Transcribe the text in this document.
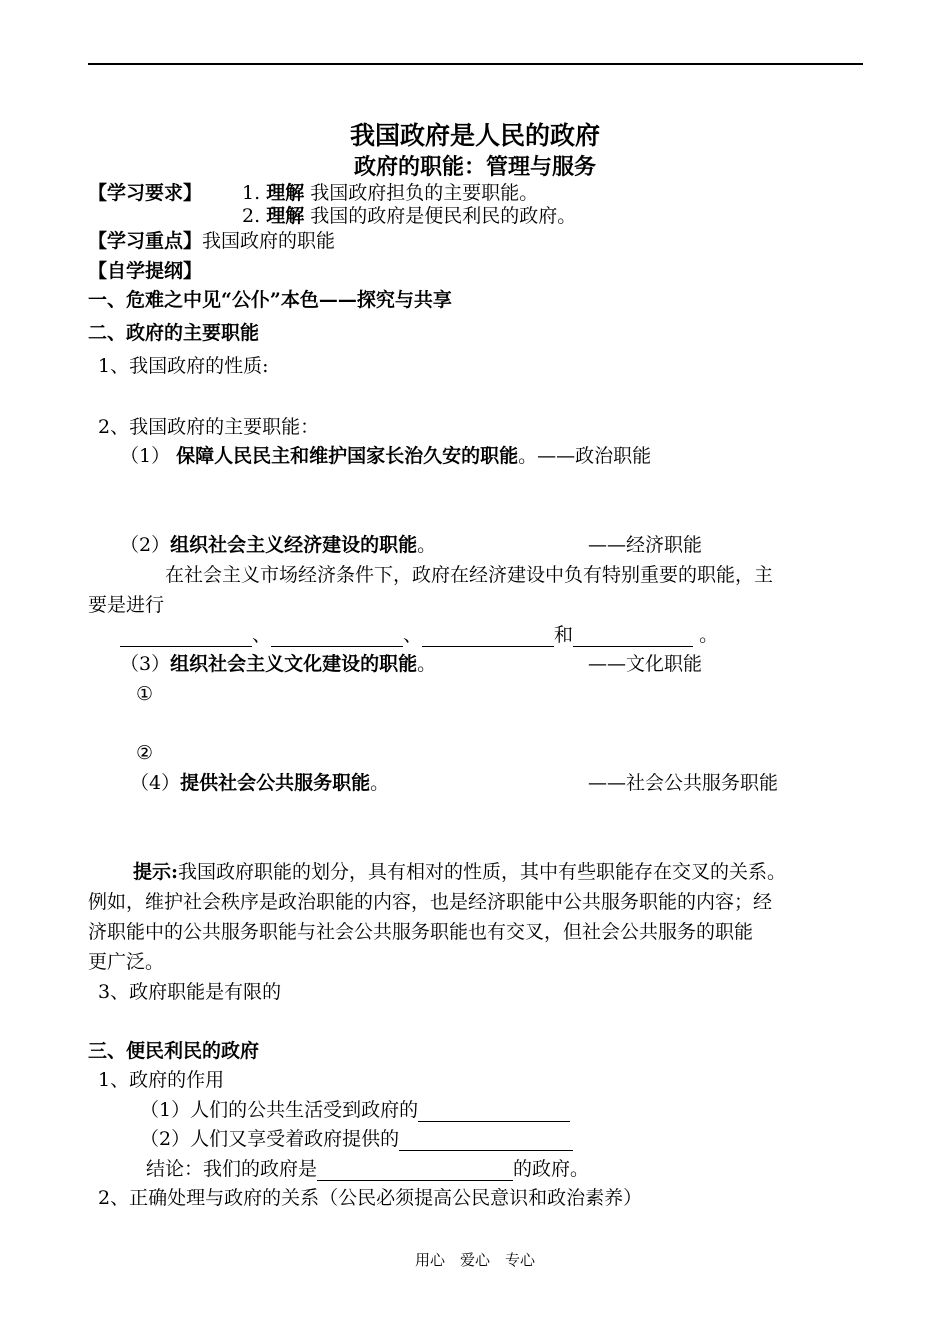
我国政府是人民的政府
政府的职能：管理与服务
【学习要求】 1. 理解 我国政府担负的主要职能。
2. 理解 我国的政府是便民利民的政府。
【学习重点】我国政府的职能
【自学提纲】
一、危难之中见“公仆”本色——探究与共享
二、政府的主要职能
1、我国政府的性质:
2、我国政府的主要职能：
（1） 保障人民民主和维护国家长治久安的职能。——政治职能
（2）组织社会主义经济建设的职能。	——经济职能
在社会主义市场经济条件下，政府在经济建设中负有特别重要的职能，主
要是进行
、	、	和	。
（3）组织社会主义文化建设的职能。	——文化职能
①
②
（4）提供社会公共服务职能。	——社会公共服务职能
提示:我国政府职能的划分，具有相对的性质，其中有些职能存在交叉的关系。
例如，维护社会秩序是政治职能的内容，也是经济职能中公共服务职能的内容；经
济职能中的公共服务职能与社会公共服务职能也有交叉，但社会公共服务的职能
更广泛。
3、政府职能是有限的
三、便民利民的政府
1、政府的作用
（1）人们的公共生活受到政府的
（2）人们又享受着政府提供的
结论：我们的政府是	的政府。
2、正确处理与政府的关系（公民必须提高公民意识和政治素养）
用心　爱心　专心
